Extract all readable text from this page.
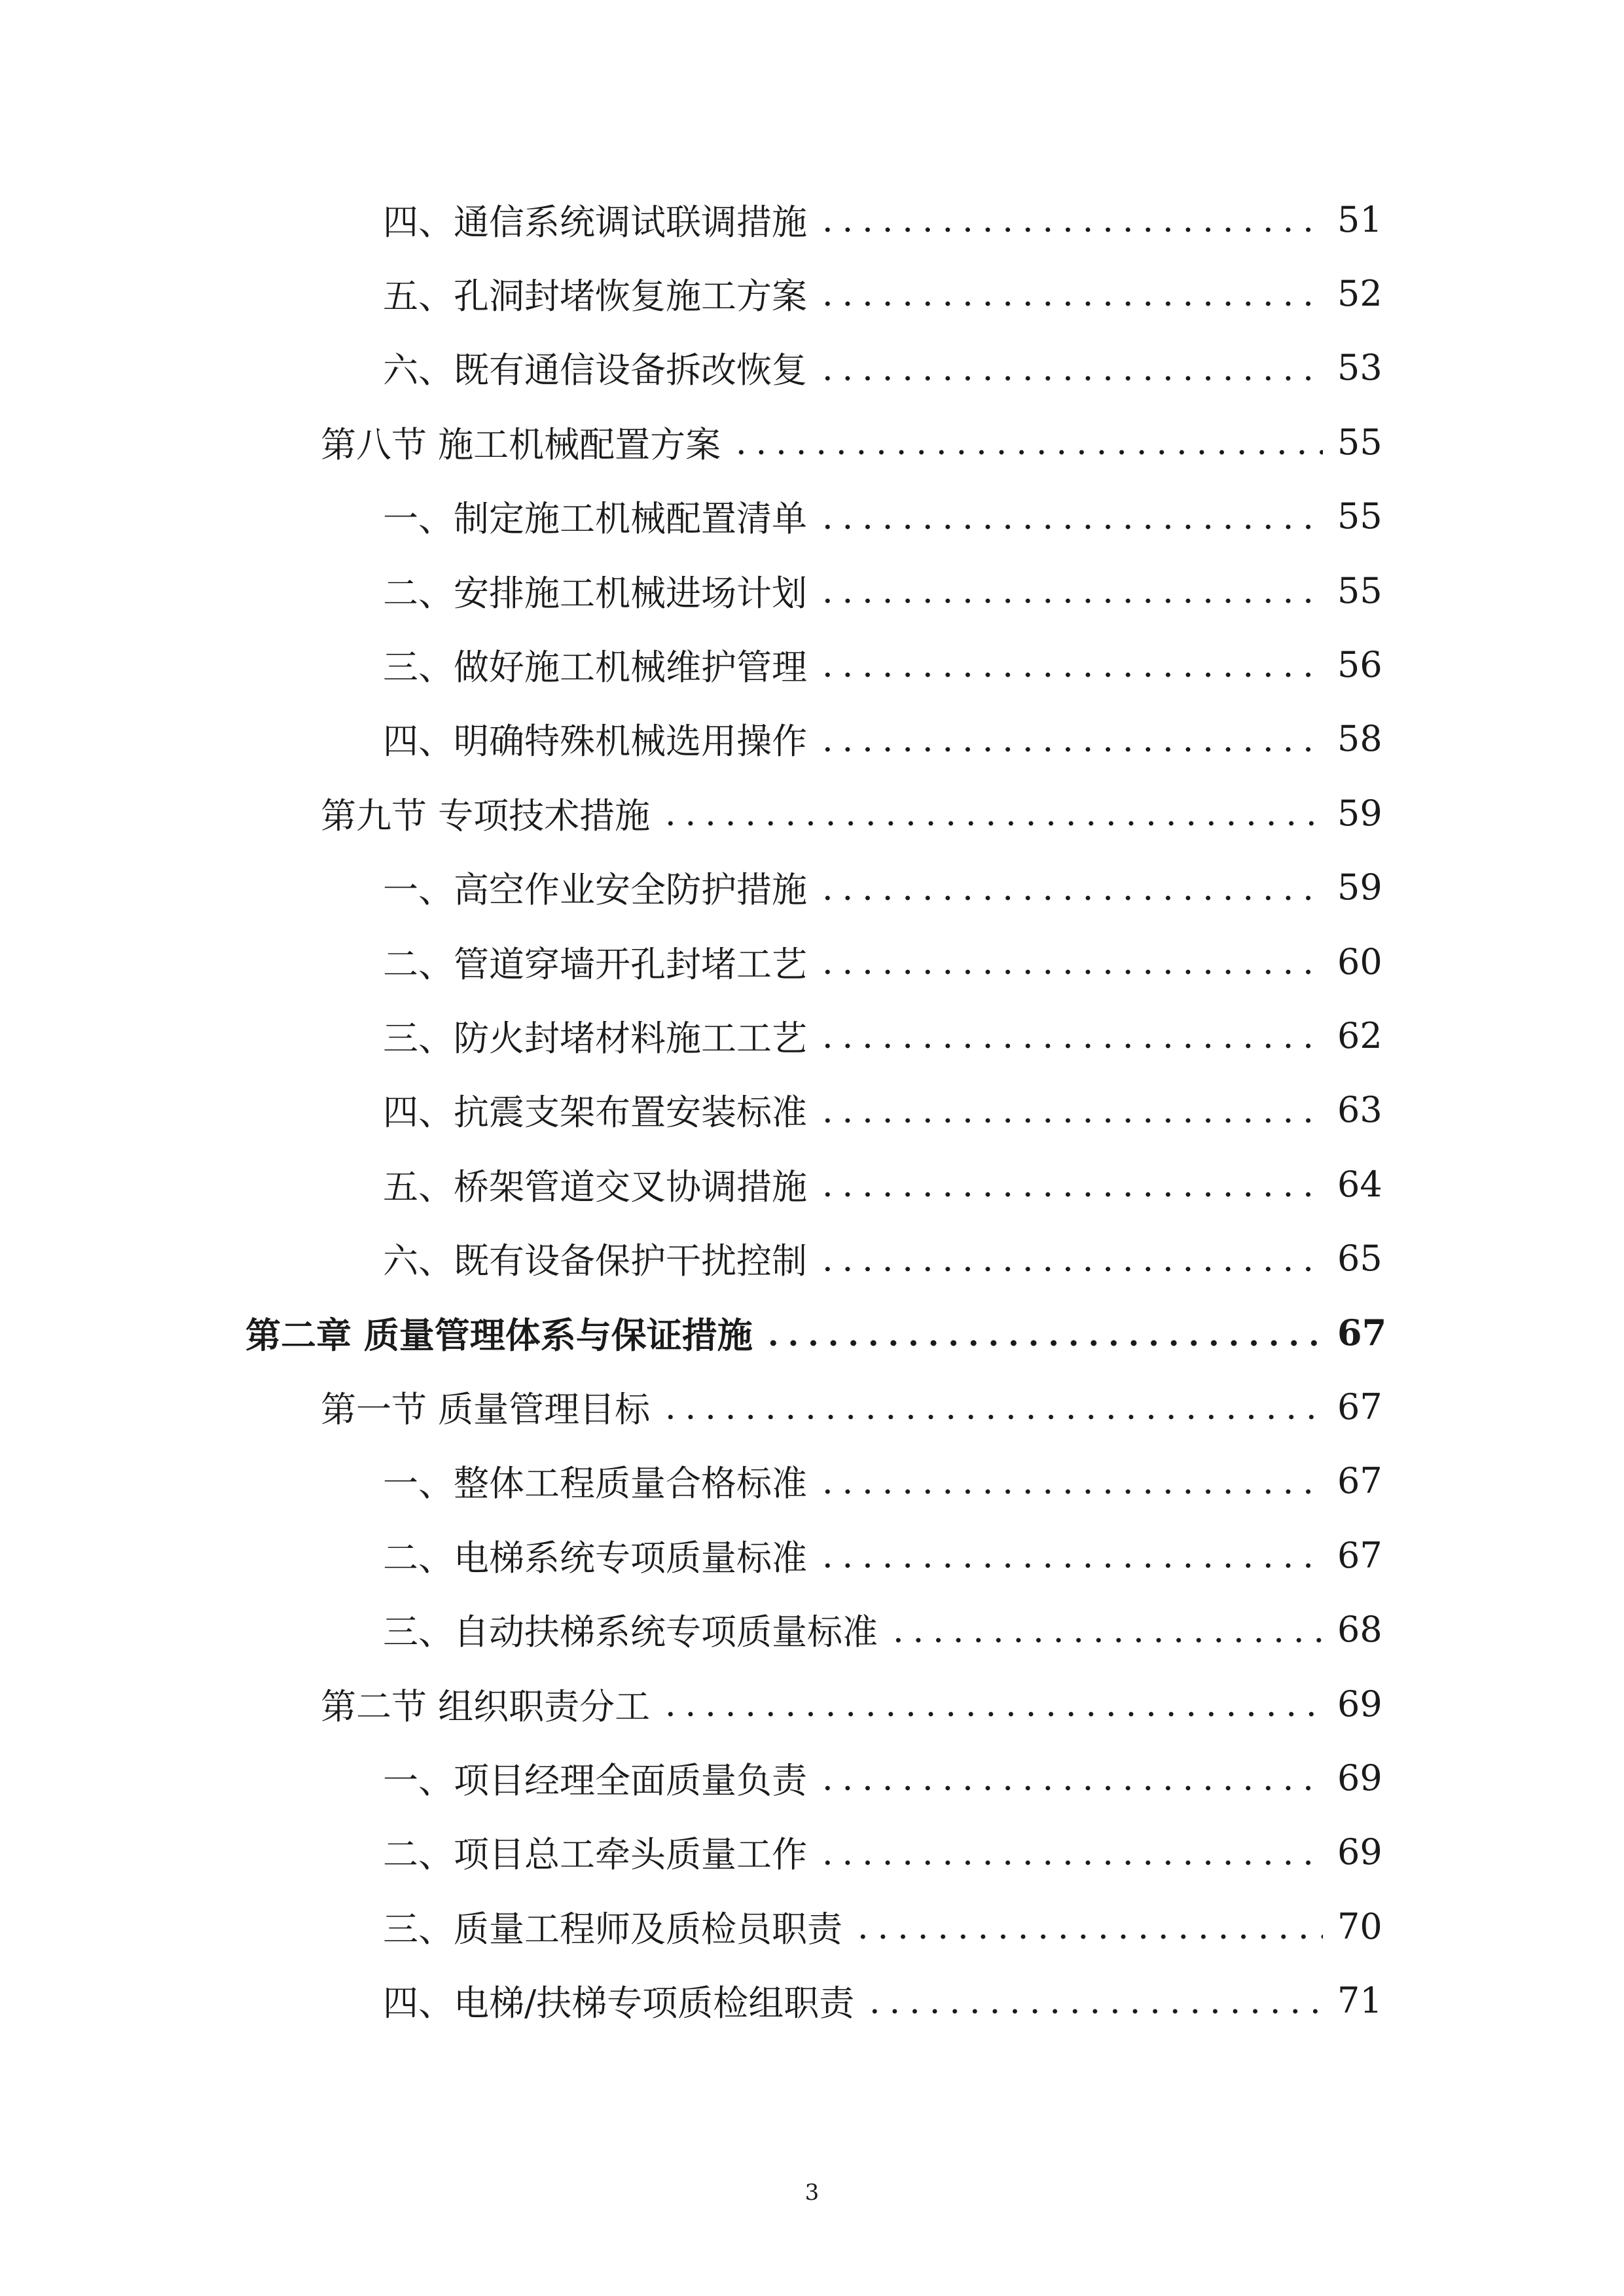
四、通信系统调试联调措施	51
五、孔洞封堵恢复施工方案	52
六、既有通信设备拆改恢复	53
第八节 施工机械配置方案	55
一、制定施工机械配置清单	55
二、安排施工机械进场计划	55
三、做好施工机械维护管理	56
四、明确特殊机械选用操作	58
第九节 专项技术措施	59
一、高空作业安全防护措施	59
二、管道穿墙开孔封堵工艺	60
三、防火封堵材料施工工艺	62
四、抗震支架布置安装标准	63
五、桥架管道交叉协调措施	64
六、既有设备保护干扰控制	65
第二章 质量管理体系与保证措施	67
第一节 质量管理目标	67
一、整体工程质量合格标准	67
二、电梯系统专项质量标准	67
三、自动扶梯系统专项质量标准	68
第二节 组织职责分工	69
一、项目经理全面质量负责	69
二、项目总工牵头质量工作	69
三、质量工程师及质检员职责	70
四、电梯/扶梯专项质检组职责	71
3
